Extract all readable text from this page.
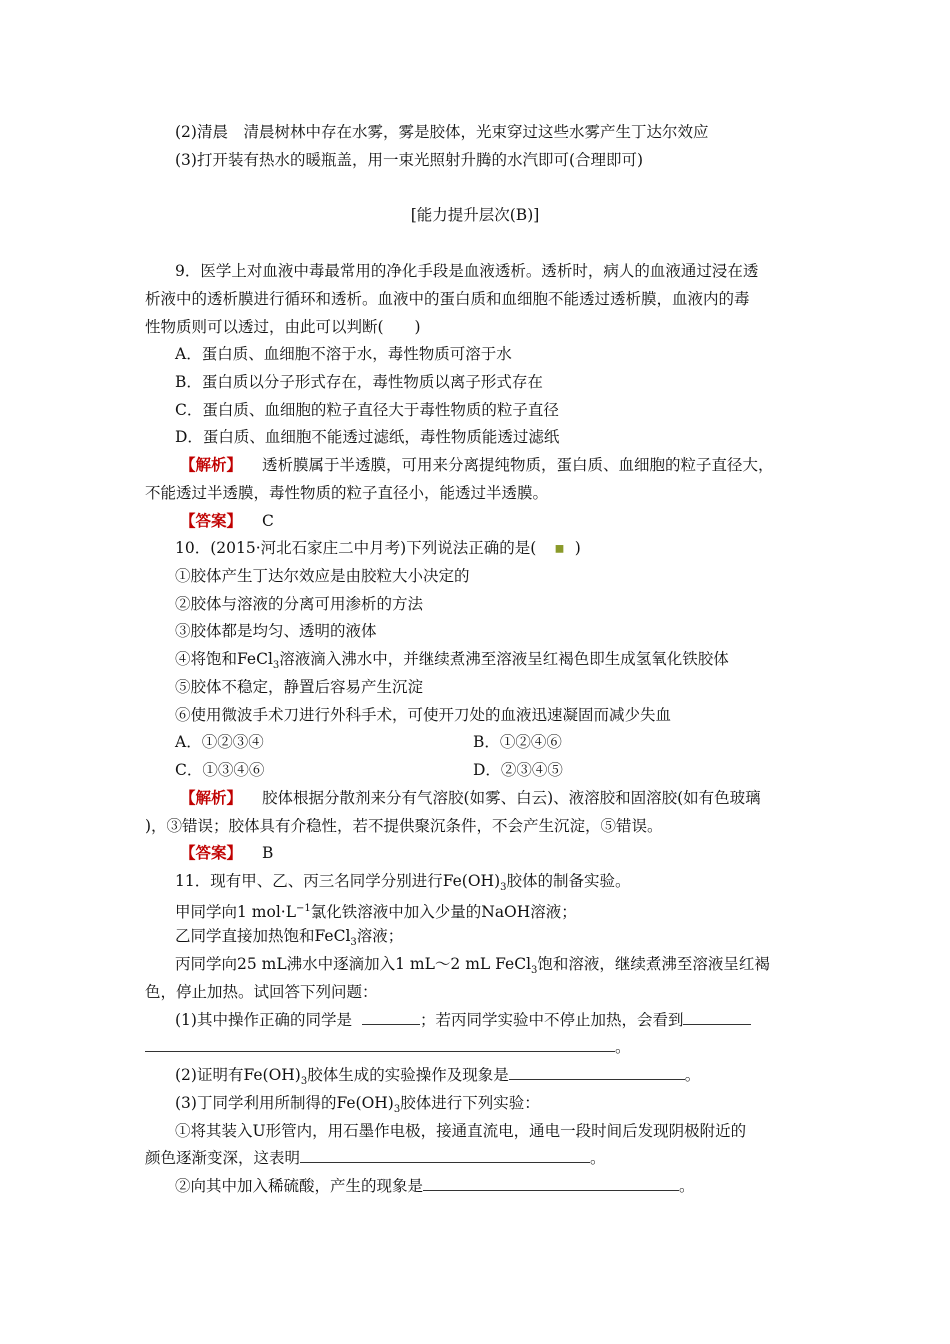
(2)清晨　清晨树林中存在水雾，雾是胶体，光束穿过这些水雾产生丁达尔效应
(3)打开装有热水的暖瓶盖，用一束光照射升腾的水汽即可(合理即可)
[能力提升层次(B)]
9．医学上对血液中毒最常用的净化手段是血液透析。透析时，病人的血液通过浸在透
析液中的透析膜进行循环和透析。血液中的蛋白质和血细胞不能透过透析膜，血液内的毒
性物质则可以透过，由此可以判断(　　)
A．蛋白质、血细胞不溶于水，毒性物质可溶于水
B．蛋白质以分子形式存在，毒性物质以离子形式存在
C．蛋白质、血细胞的粒子直径大于毒性物质的粒子直径
D．蛋白质、血细胞不能透过滤纸，毒性物质能透过滤纸
【解析】 透析膜属于半透膜，可用来分离提纯物质，蛋白质、血细胞的粒子直径大，
不能透过半透膜，毒性物质的粒子直径小，能透过半透膜。
【答案】 C
10．(2015·河北石家庄二中月考)下列说法正确的是( ▪ )
①胶体产生丁达尔效应是由胶粒大小决定的
②胶体与溶液的分离可用渗析的方法
③胶体都是均匀、透明的液体
④将饱和FeCl$_3$溶液滴入沸水中，并继续煮沸至溶液呈红褐色即生成氢氧化铁胶体
⑤胶体不稳定，静置后容易产生沉淀
⑥使用微波手术刀进行外科手术，可使开刀处的血液迅速凝固而减少失血
A．①②③④	B．①②④⑥
C．①③④⑥	D．②③④⑤
【解析】 胶体根据分散剂来分有气溶胶(如雾、白云)、液溶胶和固溶胶(如有色玻璃
)，③错误；胶体具有介稳性，若不提供聚沉条件，不会产生沉淀，⑤错误。
【答案】 B
11．现有甲、乙、丙三名同学分别进行$Fe(OH)_3$胶体的制备实验。
甲同学向1 $mol\cdot L^{-1}$氯化铁溶液中加入少量的NaOH溶液；
乙同学直接加热饱和FeCl$_3$溶液；
丙同学向25 mL沸水中逐滴加入1 mL～2 mL FeCl$_3$饱和溶液，继续煮沸至溶液呈红褐
色，停止加热。试回答下列问题：
(1)其中操作正确的同学是	；若丙同学实验中不停止加热，会看到
。
(2)证明有$Fe(OH)_3$胶体生成的实验操作及现象是	。
(3)丁同学利用所制得的$Fe(OH)_3$胶体进行下列实验：
①将其装入U形管内，用石墨作电极，接通直流电，通电一段时间后发现阴极附近的
颜色逐渐变深，这表明	。
②向其中加入稀硫酸，产生的现象是	。
